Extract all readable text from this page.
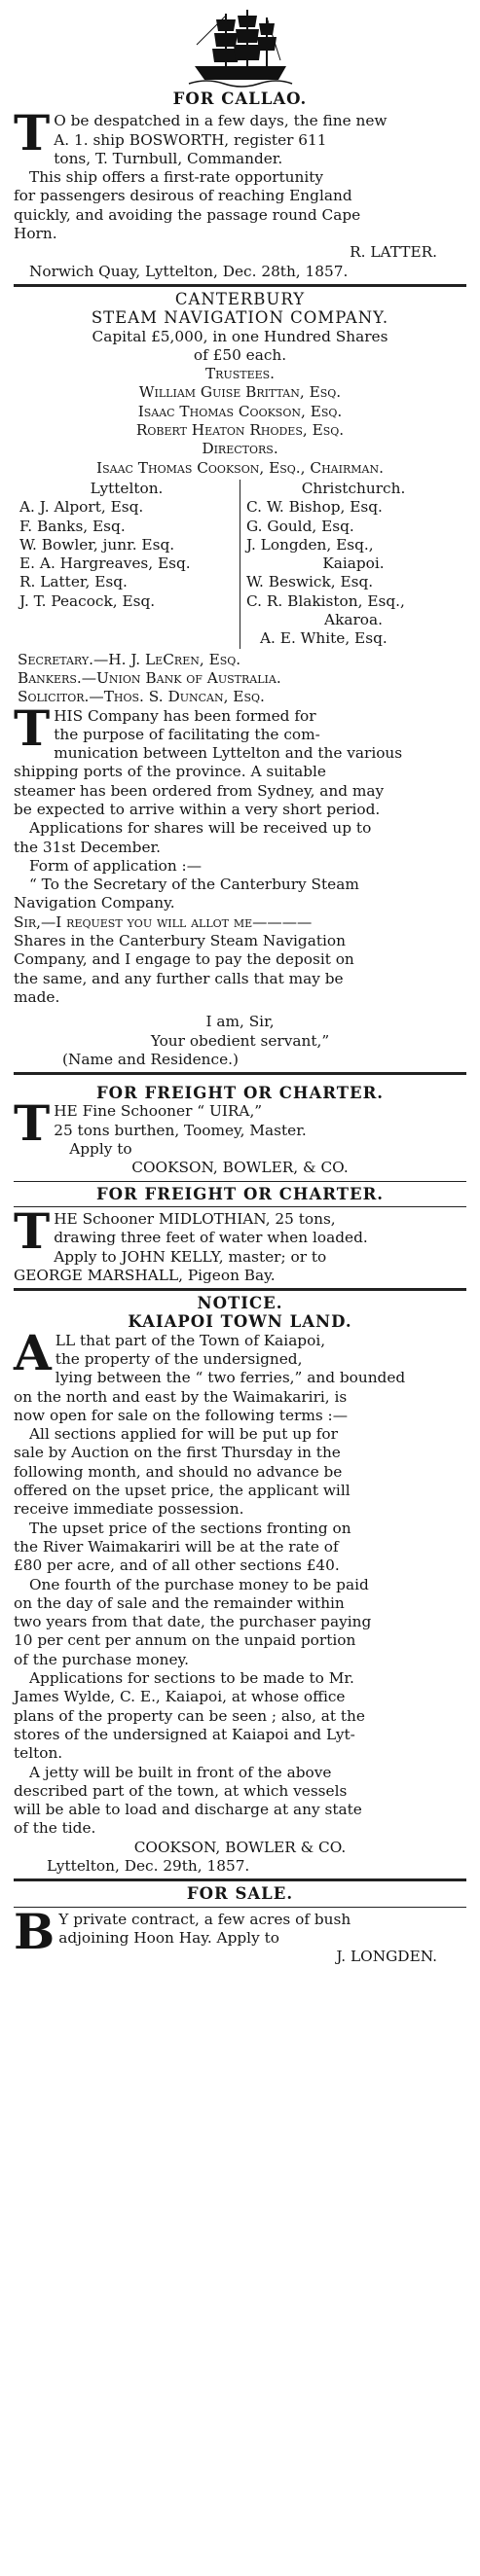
FOR CALLAO.

T O be despatched in a few days, the fine new
A. 1. ship BOSWORTH, register 611
tons, T. Turnbull, Commander.

This ship offers a first-rate opportunity
for passengers desirous of reaching England
quickly, and avoiding the passage round Cape
Horn.

R. LATTER.
Norwich Quay, Lyttelton, Dec. 28th, 1857.
CANTERBURY
STEAM NAVIGATION COMPANY.
Capital £5,000, in one Hundred Shares
of £50 each.
Trustees.
William Guise Brittan, Esq.
Isaac Thomas Cookson, Esq.
Robert Heaton Rhodes, Esq.
Directors.
Isaac Thomas Cookson, Esq., Chairman.
Lyttelton.
A. J. Alport, Esq.
F. Banks, Esq.
W. Bowler, junr. Esq.
E. A. Hargreaves, Esq.
R. Latter, Esq.
J. T. Peacock, Esq.
Christchurch.
C. W. Bishop, Esq.
G. Gould, Esq.
J. Longden, Esq.,
Kaiapoi.
W. Beswick, Esq.
C. R. Blakiston, Esq.,
Akaroa.
A. E. White, Esq.
Secretary.—H. J. LeCren, Esq.
Bankers.—Union Bank of Australia.
Solicitor.—Thos. S. Duncan, Esq.

T HIS Company has been formed for
the purpose of facilitating the com-
munication between Lyttelton and the various
shipping ports of the province. A suitable
steamer has been ordered from Sydney, and may
be expected to arrive within a very short period.

Applications for shares will be received up to
the 31st December.

Form of application :—

“ To the Secretary of the Canterbury Steam
Navigation Company.
Sir,—I request you will allot me————
Shares in the Canterbury Steam Navigation
Company, and I engage to pay the deposit on
the same, and any further calls that may be
made.

I am, Sir,
Your obedient servant,”
(Name and Residence.)
FOR FREIGHT OR CHARTER.

T HE Fine Schooner “ UIRA,”
25 tons burthen, Toomey, Master.

Apply to
COOKSON, BOWLER, & CO.
FOR FREIGHT OR CHARTER.

T HE Schooner MIDLOTHIAN, 25 tons,
drawing three feet of water when loaded.
Apply to JOHN KELLY, master; or to
GEORGE MARSHALL, Pigeon Bay.

NOTICE.
KAIAPOI TOWN LAND.

A LL that part of the Town of Kaiapoi,
the property of the undersigned,
lying between the “ two ferries,” and bounded
on the north and east by the Waimakariri, is
now open for sale on the following terms :—

All sections applied for will be put up for
sale by Auction on the first Thursday in the
following month, and should no advance be
offered on the upset price, the applicant will
receive immediate possession.

The upset price of the sections fronting on
the River Waimakariri will be at the rate of
£80 per acre, and of all other sections £40.

One fourth of the purchase money to be paid
on the day of sale and the remainder within
two years from that date, the purchaser paying
10 per cent per annum on the unpaid portion
of the purchase money.

Applications for sections to be made to Mr.
James Wylde, C. E., Kaiapoi, at whose office
plans of the property can be seen ; also, at the
stores of the undersigned at Kaiapoi and Lyt-
telton.

A jetty will be built in front of the above
described part of the town, at which vessels
will be able to load and discharge at any state
of the tide.

COOKSON, BOWLER & CO.
Lyttelton, Dec. 29th, 1857.
FOR SALE.

B Y private contract, a few acres of bush
adjoining Hoon Hay. Apply to

J. LONGDEN.
